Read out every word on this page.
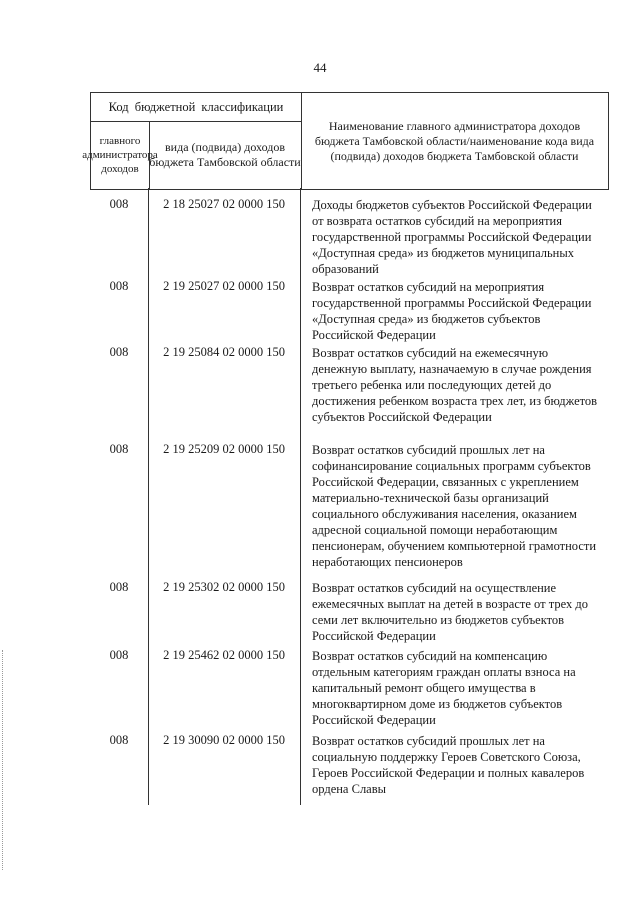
44
Код бюджетной классификации
главного администратора доходов
вида (подвида) доходов бюджета Тамбовской области
Наименование главного администратора доходов бюджета Тамбовской области/наименование кода вида (подвида) доходов бюджета Тамбовской области
008	2 18 25027 02 0000 150	Доходы бюджетов субъектов Российской Федерации от возврата остатков субсидий на мероприятия государственной программы Российской Федерации «Доступная среда» из бюджетов муниципальных образований
008	2 19 25027 02 0000 150	Возврат остатков субсидий на мероприятия государственной программы Российской Федерации «Доступная среда» из бюджетов субъектов Российской Федерации
008	2 19 25084 02 0000 150	Возврат остатков субсидий на ежемесячную денежную выплату, назначаемую в случае рождения третьего ребенка или последующих детей до достижения ребенком возраста трех лет, из бюджетов субъектов Российской Федерации
008	2 19 25209 02 0000 150	Возврат остатков субсидий прошлых лет на софинансирование социальных программ субъектов Российской Федерации, связанных с укреплением материально-технической базы организаций социального обслуживания населения, оказанием адресной социальной помощи неработающим пенсионерам, обучением компьютерной грамотности неработающих пенсионеров
008	2 19 25302 02 0000 150	Возврат остатков субсидий на осуществление ежемесячных выплат на детей в возрасте от трех до семи лет включительно из бюджетов субъектов Российской Федерации
008	2 19 25462 02 0000 150	Возврат остатков субсидий на компенсацию отдельным категориям граждан оплаты взноса на капитальный ремонт общего имущества в многоквартирном доме из бюджетов субъектов Российской Федерации
008	2 19 30090 02 0000 150	Возврат остатков субсидий прошлых лет на социальную поддержку Героев Советского Союза, Героев Российской Федерации и полных кавалеров ордена Славы
